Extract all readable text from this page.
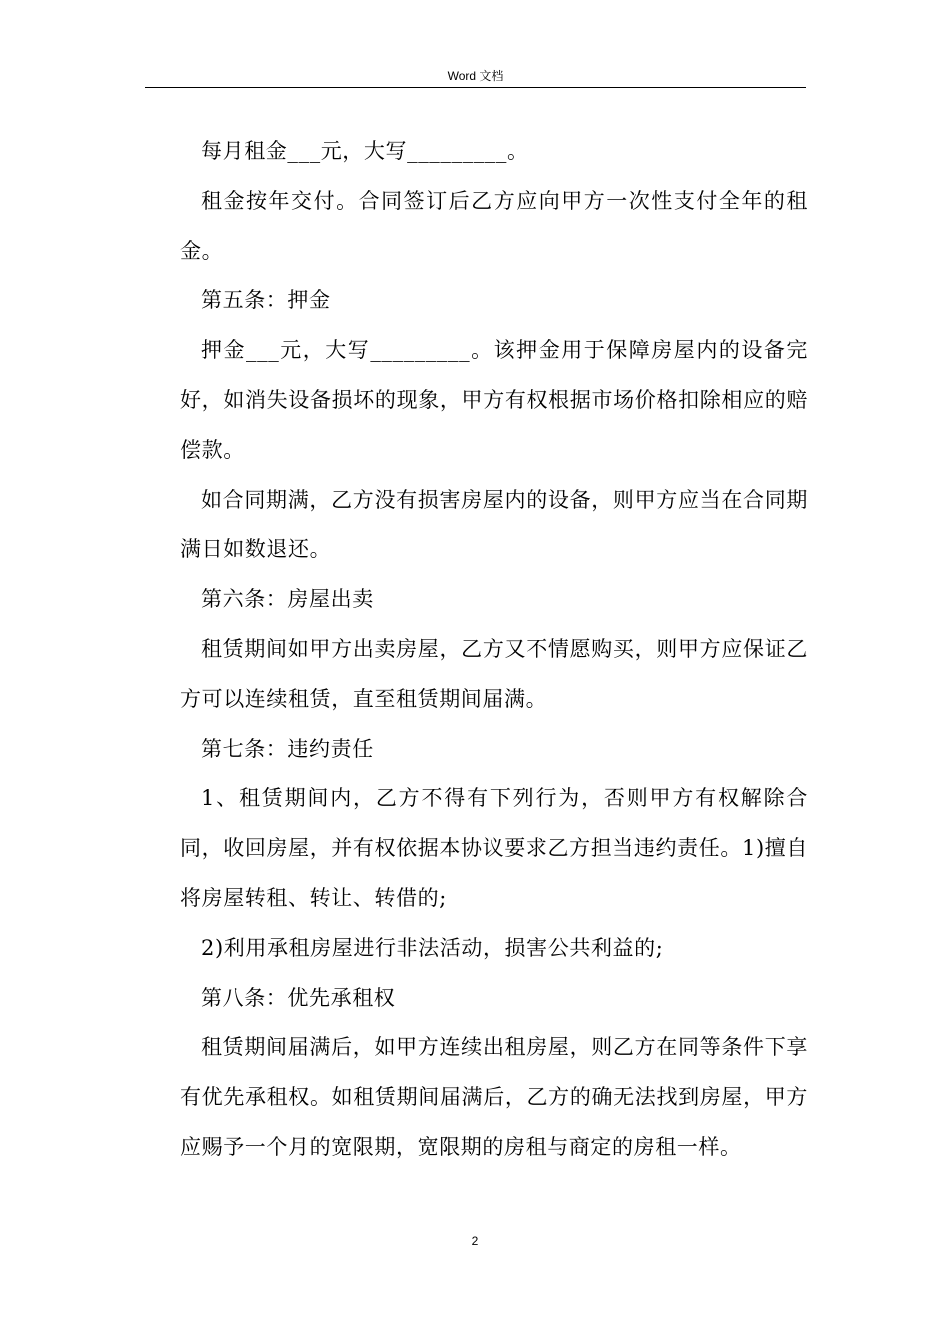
Word 文档

每月租金___元，大写_________。

租金按年交付。合同签订后乙方应向甲方一次性支付全年的租金。

第五条：押金

押金___元，大写_________。该押金用于保障房屋内的设备完好，如消失设备损坏的现象，甲方有权根据市场价格扣除相应的赔偿款。

如合同期满，乙方没有损害房屋内的设备，则甲方应当在合同期满日如数退还。

第六条：房屋出卖

租赁期间如甲方出卖房屋，乙方又不情愿购买，则甲方应保证乙方可以连续租赁，直至租赁期间届满。

第七条：违约责任

1、租赁期间内，乙方不得有下列行为，否则甲方有权解除合同，收回房屋，并有权依据本协议要求乙方担当违约责任。1)擅自将房屋转租、转让、转借的;

2)利用承租房屋进行非法活动，损害公共利益的;

第八条：优先承租权

租赁期间届满后，如甲方连续出租房屋，则乙方在同等条件下享有优先承租权。如租赁期间届满后，乙方的确无法找到房屋，甲方应赐予一个月的宽限期，宽限期的房租与商定的房租一样。

2
